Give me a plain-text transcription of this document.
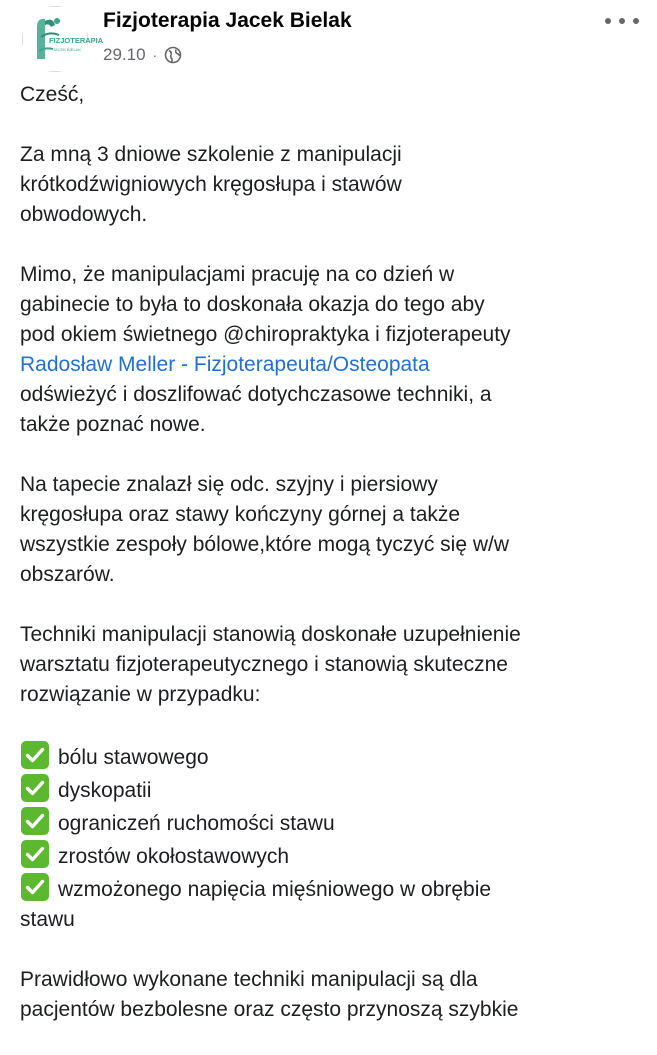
FIZJOTERAPIA
JACEK BIELAK
Fizjoterapia Jacek Bielak
29.10 ·

Cześć,

Za mną 3 dniowe szkolenie z manipulacji
krótkodźwigniowych kręgosłupa i stawów
obwodowych.

Mimo, że manipulacjami pracuję na co dzień w
gabinecie to była to doskonała okazja do tego aby
pod okiem świetnego @chiropraktyka i fizjoterapeuty
Radosław Meller - Fizjoterapeuta/Osteopata
odświeżyć i doszlifować dotychczasowe techniki, a
także poznać nowe.

Na tapecie znalazł się odc. szyjny i piersiowy
kręgosłupa oraz stawy kończyny górnej a także
wszystkie zespoły bólowe,które mogą tyczyć się w/w
obszarów.

Techniki manipulacji stanowią doskonałe uzupełnienie
warsztatu fizjoterapeutycznego i stanowią skuteczne
rozwiązanie w przypadku:

bólu stawowego
dyskopatii
ograniczeń ruchomości stawu
zrostów okołostawowych
wzmożonego napięcia mięśniowego w obrębie
stawu

Prawidłowo wykonane techniki manipulacji są dla
pacjentów bezbolesne oraz często przynoszą szybkie
